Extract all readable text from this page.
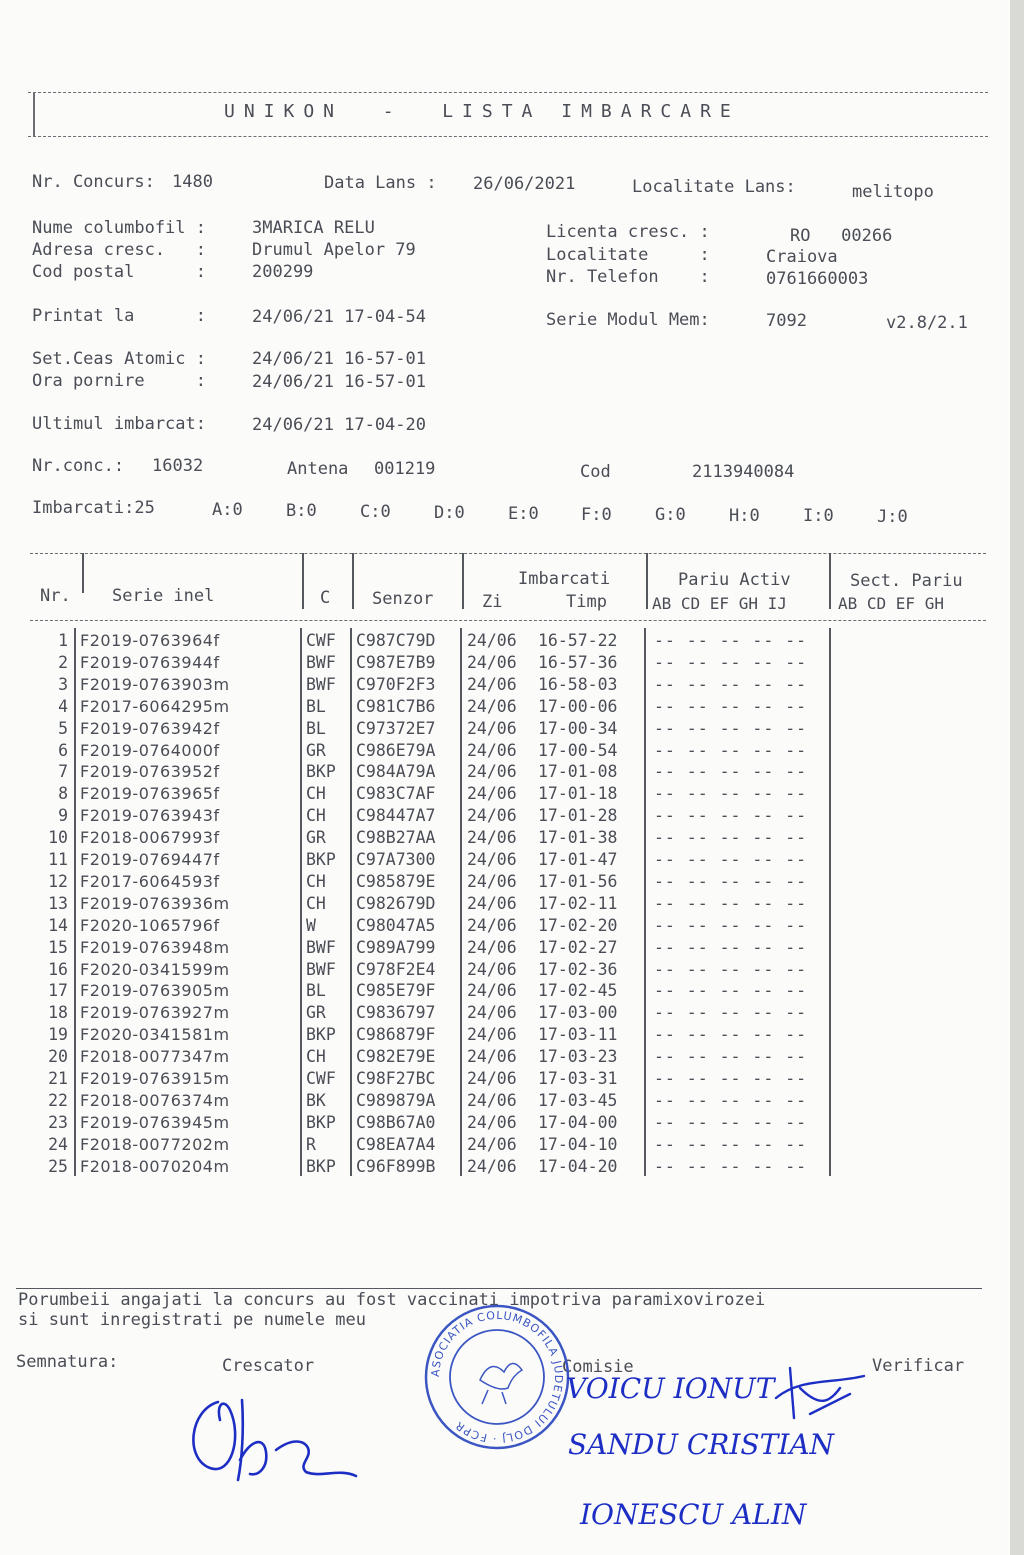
UNIKON  -  LISTA IMBARCARE
Nr. Concurs: 1480	Data Lans : 26/06/2021	Localitate Lans:	melitopo
Nume columbofil :	3MARICA RELU
Adresa cresc.   :	Drumul Apelor 79
Cod postal      :	200299
Licenta cresc. :	RO   00266
Localitate     :	Craiova
Nr. Telefon    :	0761660003
Printat la      :	24/06/21 17-04-54	Serie Modul Mem:	7092	v2.8/2.1
Set.Ceas Atomic :	24/06/21 16-57-01
Ora pornire     :	24/06/21 16-57-01
Ultimul imbarcat:	24/06/21 17-04-20
Nr.conc.: 16032	Antena 001219	Cod	2113940084
Imbarcati:25	A:0	B:0	C:0	D:0	E:0 F:0	G:0	H:0	I:0	J:0
Nr. Serie inel	C Senzor
Imbarcati
Zi	Timp
Pariu Activ
AB CD EF GH IJ
Sect. Pariu
AB CD EF GH
1 F2019-0763964f	CWF C987C79D 24/06 16-57-22 -- -- -- -- --
2 F2019-0763944f	BWF C987E7B9 24/06 16-57-36 -- -- -- -- --
3 F2019-0763903m	BWF C970F2F3 24/06 16-58-03 -- -- -- -- --
4 F2017-6064295m	BL C981C7B6 24/06 17-00-06 -- -- -- -- --
5 F2019-0763942f	BL C97372E7 24/06 17-00-34 -- -- -- -- --
6 F2019-0764000f	GR C986E79A 24/06 17-00-54 -- -- -- -- --
7 F2019-0763952f	BKP C984A79A 24/06 17-01-08 -- -- -- -- --
8 F2019-0763965f	CH C983C7AF 24/06 17-01-18 -- -- -- -- --
9 F2019-0763943f	CH C98447A7 24/06 17-01-28 -- -- -- -- --
10 F2018-0067993f	GR C98B27AA 24/06 17-01-38 -- -- -- -- --
11 F2019-0769447f	BKP C97A7300 24/06 17-01-47 -- -- -- -- --
12 F2017-6064593f	CH C985879E 24/06 17-01-56 -- -- -- -- --
13 F2019-0763936m	CH C982679D 24/06 17-02-11 -- -- -- -- --
14 F2020-1065796f	W C98047A5 24/06 17-02-20 -- -- -- -- --
15 F2019-0763948m	BWF C989A799 24/06 17-02-27 -- -- -- -- --
16 F2020-0341599m	BWF C978F2E4 24/06 17-02-36 -- -- -- -- --
17 F2019-0763905m	BL C985E79F 24/06 17-02-45 -- -- -- -- --
18 F2019-0763927m	GR C9836797 24/06 17-03-00 -- -- -- -- --
19 F2020-0341581m	BKP C986879F 24/06 17-03-11 -- -- -- -- --
20 F2018-0077347m	CH C982E79E 24/06 17-03-23 -- -- -- -- --
21 F2019-0763915m	CWF C98F27BC 24/06 17-03-31 -- -- -- -- --
22 F2018-0076374m	BK C989879A 24/06 17-03-45 -- -- -- -- --
23 F2019-0763945m	BKP C98B67A0 24/06 17-04-00 -- -- -- -- --
24 F2018-0077202m	R C98EA7A4 24/06 17-04-10 -- -- -- -- --
25 F2018-0070204m	BKP C96F899B 24/06 17-04-20 -- -- -- -- --
Porumbeii angajati la concurs au fost vaccinati impotriva paramixovirozei
si sunt inregistrati pe numele meu
Semnatura:	Crescator	Comisie	Verificar
ASOCIATIA COLUMBOFILA JUDETULUI DOLJ · FCPR
VOICU IONUT
SANDU CRISTIAN
IONESCU ALIN
